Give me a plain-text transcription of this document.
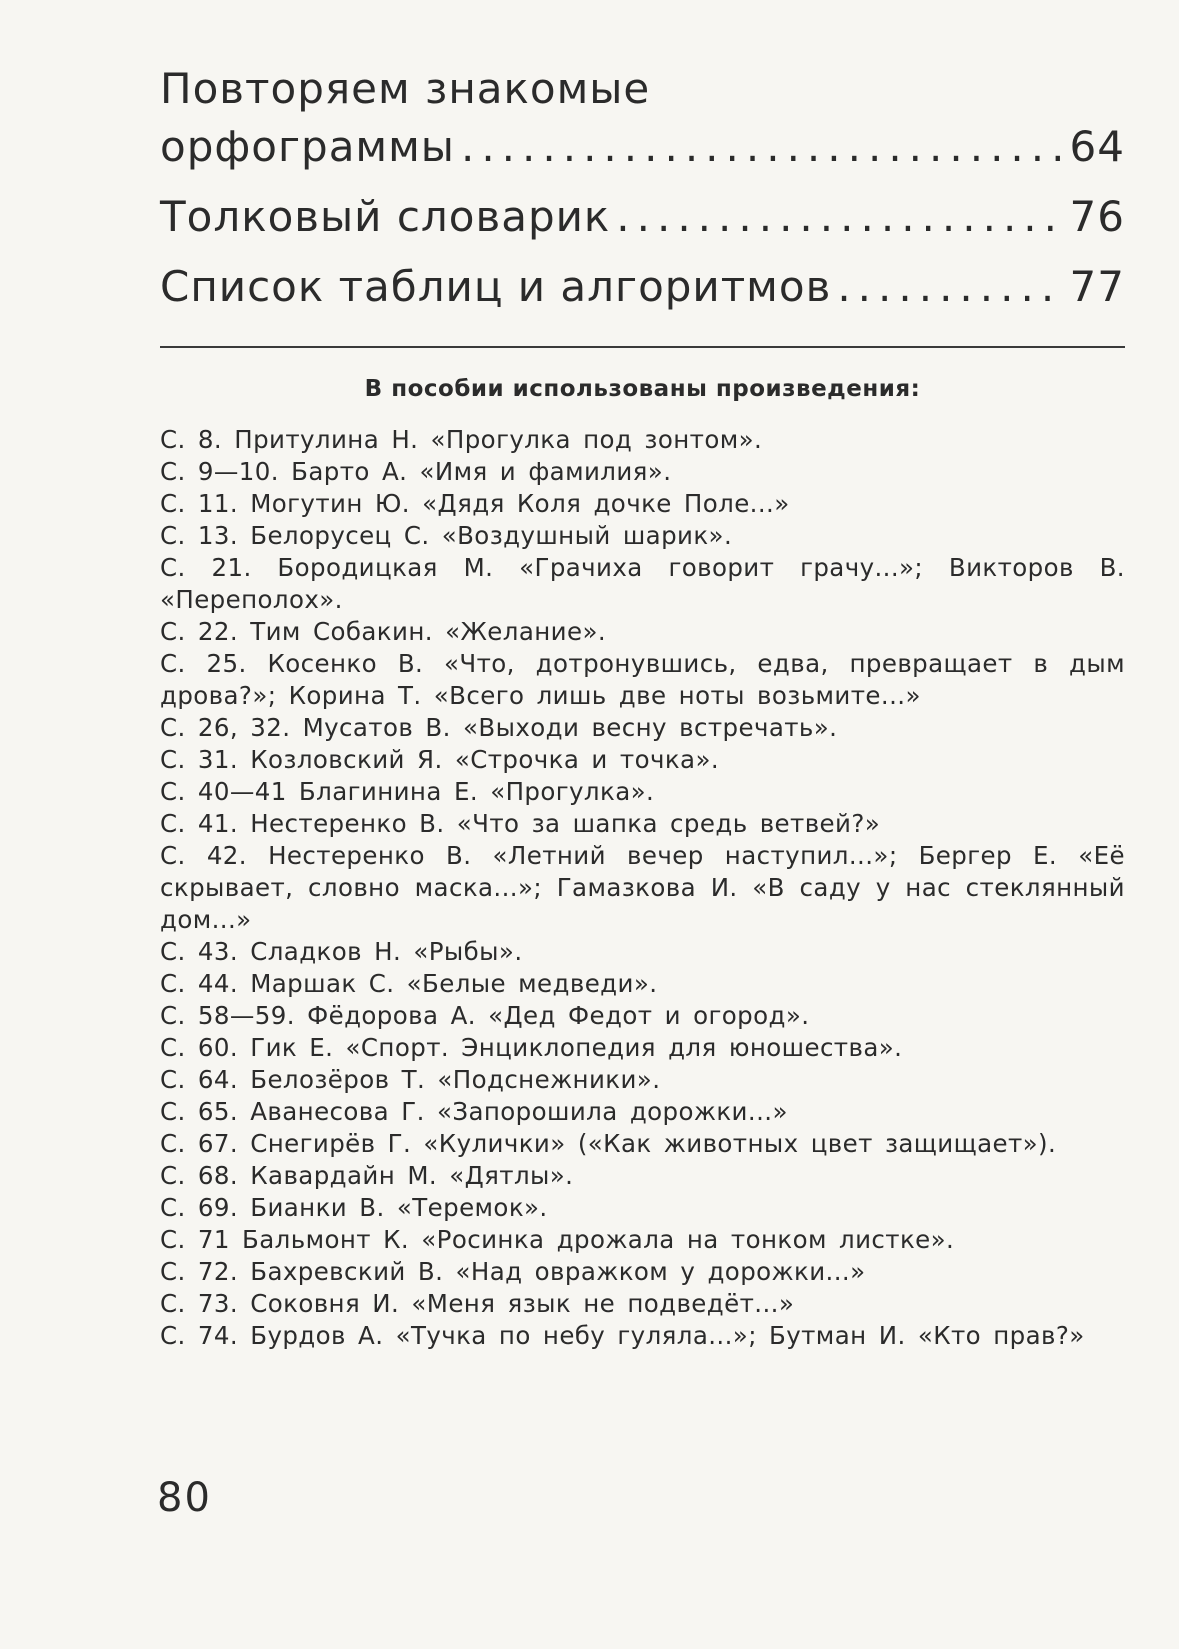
Повторяем знакомые
орфограммы .....	64
Толковый словарик .....	76
Список таблиц и алгоритмов .....	77
В пособии использованы произведения:
С. 8. Притулина Н. «Прогулка под зонтом».
С. 9—10. Барто А. «Имя и фамилия».
С. 11. Могутин Ю. «Дядя Коля дочке Поле...»
С. 13. Белорусец С. «Воздушный шарик».
С. 21. Бородицкая М. «Грачиха говорит грачу...»; Викторов В. «Переполох».
С. 22. Тим Собакин. «Желание».
С. 25. Косенко В. «Что, дотронувшись, едва, превращает в дым дрова?»; Корина Т. «Всего лишь две ноты возьмите...»
С. 26, 32. Мусатов В. «Выходи весну встречать».
С. 31. Козловский Я. «Строчка и точка».
С. 40—41 Благинина Е. «Прогулка».
С. 41. Нестеренко В. «Что за шапка средь ветвей?»
С. 42. Нестеренко В. «Летний вечер наступил...»; Бергер Е. «Её скрывает, словно маска...»; Гамазкова И. «В саду у нас стеклянный дом...»
С. 43. Сладков Н. «Рыбы».
С. 44. Маршак С. «Белые медведи».
С. 58—59. Фёдорова А. «Дед Федот и огород».
С. 60. Гик Е. «Спорт. Энциклопедия для юношества».
С. 64. Белозёров Т. «Подснежники».
С. 65. Аванесова Г. «Запорошила дорожки...»
С. 67. Снегирёв Г. «Кулички» («Как животных цвет защищает»).
С. 68. Кавардайн М. «Дятлы».
С. 69. Бианки В. «Теремок».
С. 71 Бальмонт К. «Росинка дрожала на тонком листке».
С. 72. Бахревский В. «Над овражком у дорожки...»
С. 73. Соковня И. «Меня язык не подведёт...»
С. 74. Бурдов А. «Тучка по небу гуляла...»; Бутман И. «Кто прав?»
80
